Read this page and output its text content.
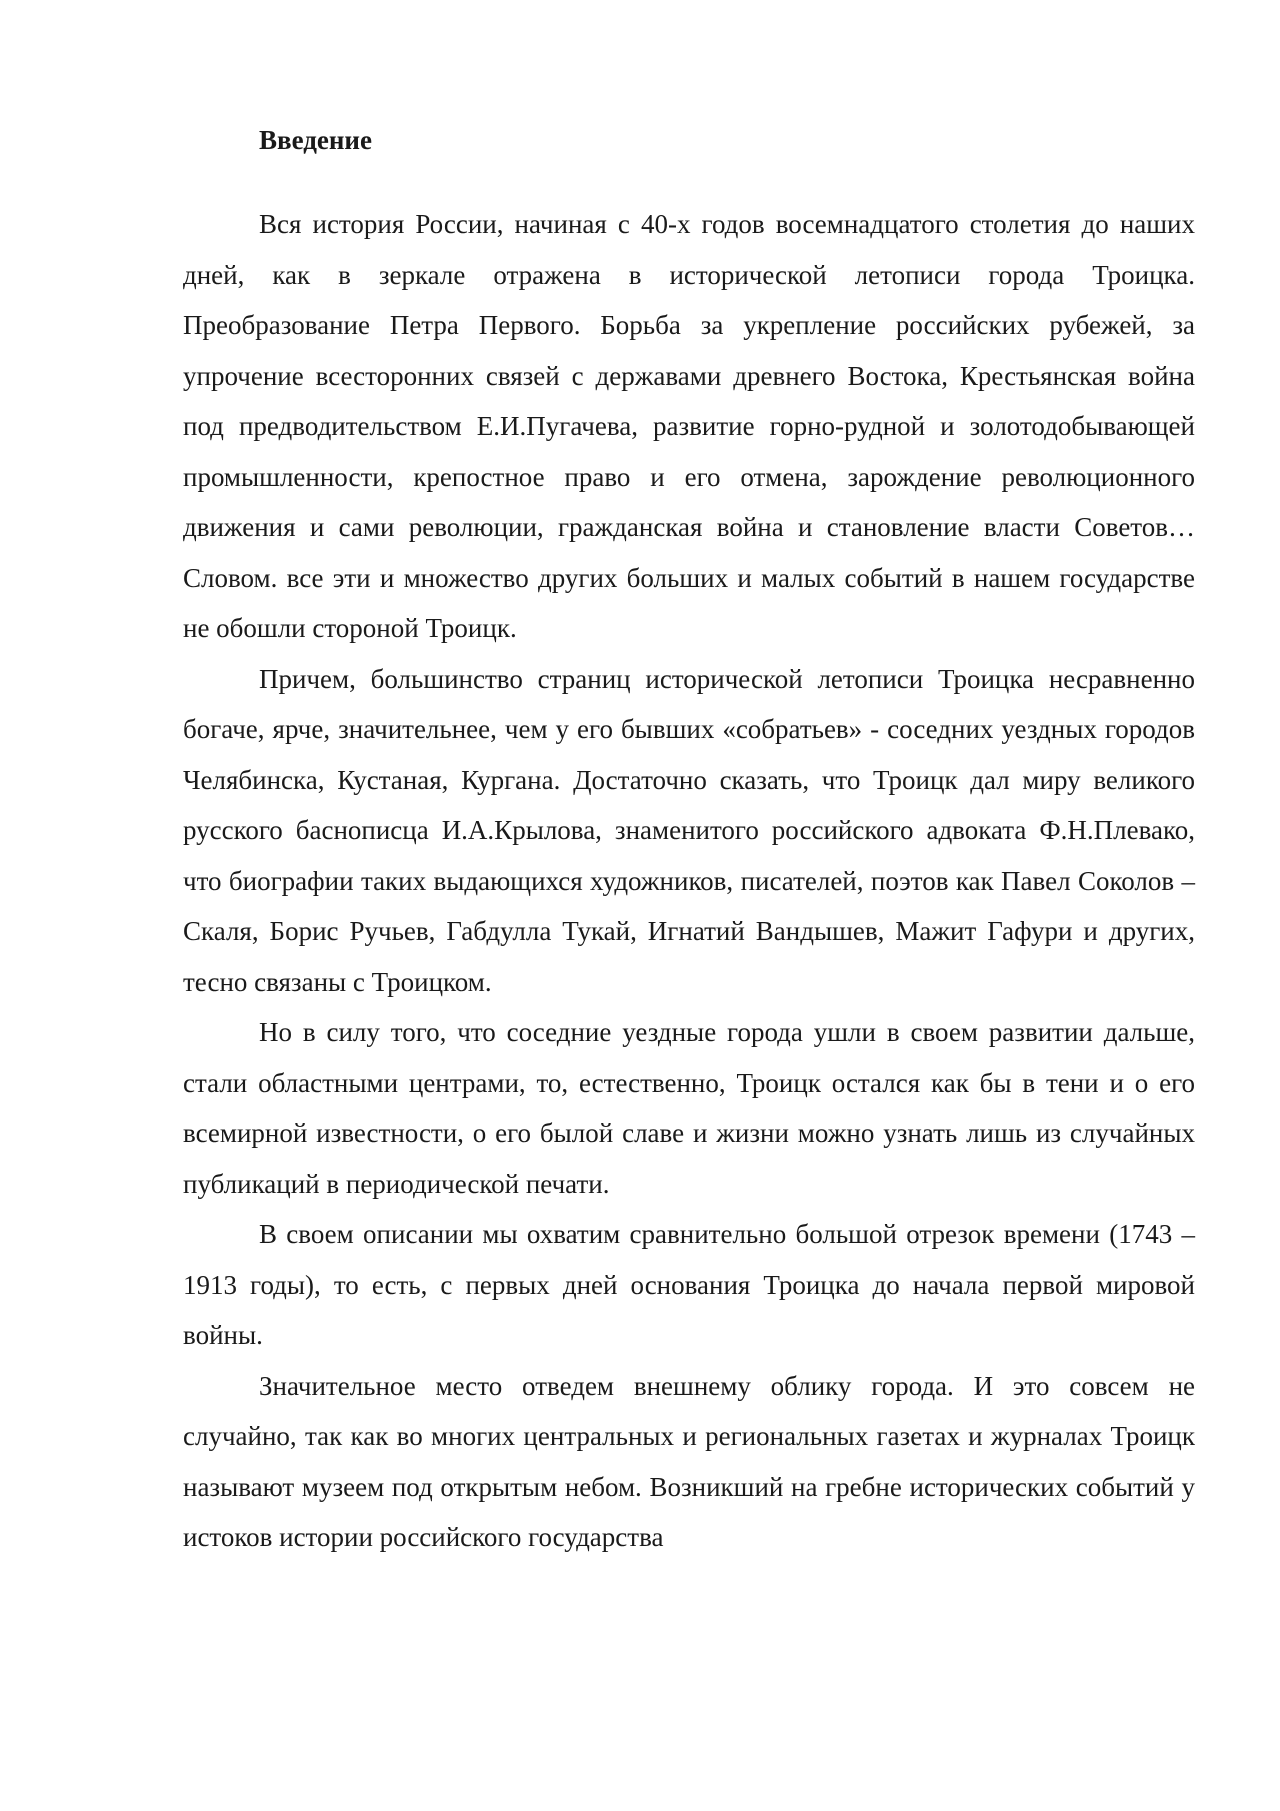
Введение

Вся история России, начиная с 40-х годов восемнадцатого столетия до наших дней, как в зеркале отражена в исторической летописи города Троицка. Преобразование Петра Первого. Борьба за укрепление российских рубежей, за упрочение всесторонних связей с державами древнего Востока, Крестьянская война под предводительством Е.И.Пугачева, развитие горно-рудной и золотодобывающей промышленности, крепостное право и его отмена, зарождение революционного движения и сами революции, гражданская война и становление власти Советов…Словом. все эти и множество других больших и малых событий в нашем государстве не обошли стороной Троицк.

Причем, большинство страниц исторической летописи Троицка несравненно богаче, ярче, значительнее, чем у его бывших «собратьев» - соседних уездных городов Челябинска, Кустаная, Кургана. Достаточно сказать, что Троицк дал миру великого русского баснописца И.А.Крылова, знаменитого российского адвоката Ф.Н.Плевако, что биографии таких выдающихся художников, писателей, поэтов как Павел Соколов – Скаля, Борис Ручьев, Габдулла Тукай, Игнатий Вандышев, Мажит Гафури и других, тесно связаны с Троицком.

Но в силу того, что соседние уездные города ушли в своем развитии дальше, стали областными центрами, то, естественно, Троицк остался как бы в тени и о его всемирной известности, о его былой славе и жизни можно узнать лишь из случайных публикаций в периодической печати.

В своем описании мы охватим сравнительно большой отрезок времени (1743 – 1913 годы), то есть, с первых дней основания Троицка до начала первой мировой войны.

Значительное место отведем внешнему облику города. И это совсем не случайно, так как во многих центральных и региональных газетах и журналах Троицк называют музеем под открытым небом. Возникший на гребне исторических событий у истоков истории российского государства
